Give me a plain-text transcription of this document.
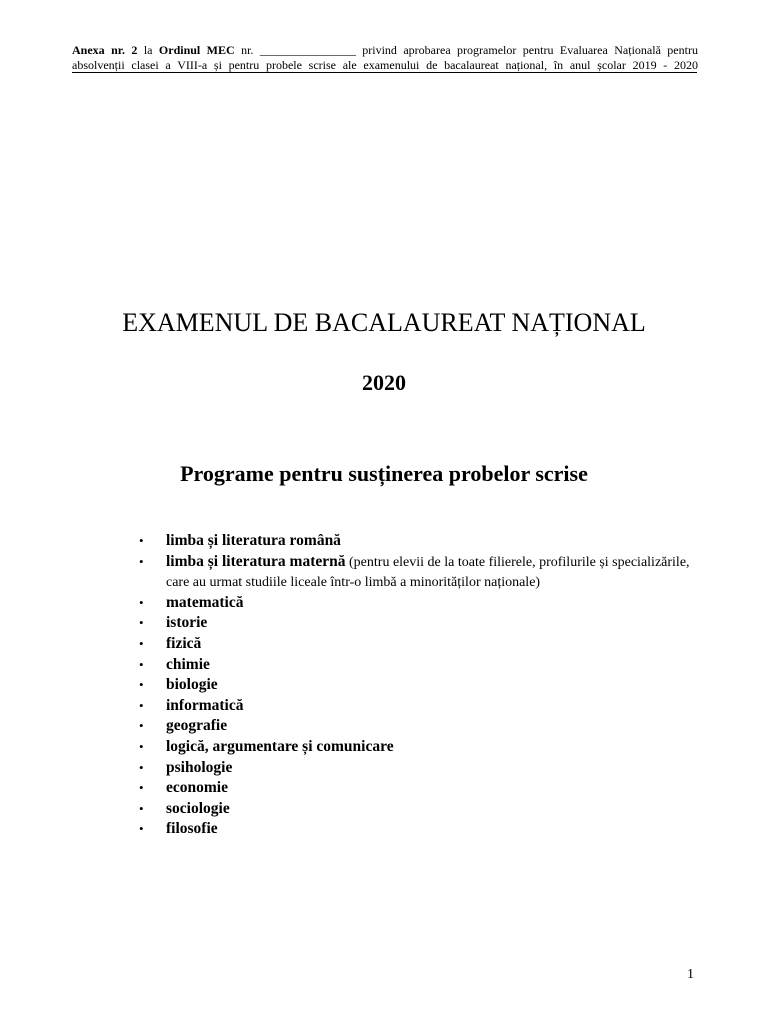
Anexa nr. 2 la Ordinul MEC nr. ________________ privind aprobarea programelor pentru Evaluarea Națională pentru
absolvenții clasei a VIII-a și pentru probele scrise ale examenului de bacalaureat național, în anul școlar 2019 - 2020
EXAMENUL DE BACALAUREAT NAȚIONAL
2020
Programe pentru susținerea probelor scrise
• limba și literatura română
• limba și literatura maternă (pentru elevii de la toate filierele, profilurile și specializările, care au urmat studiile liceale într-o limbă a minorităților naționale)
• matematică
• istorie
• fizică
• chimie
• biologie
• informatică
• geografie
• logică, argumentare și comunicare
• psihologie
• economie
• sociologie
• filosofie
1
